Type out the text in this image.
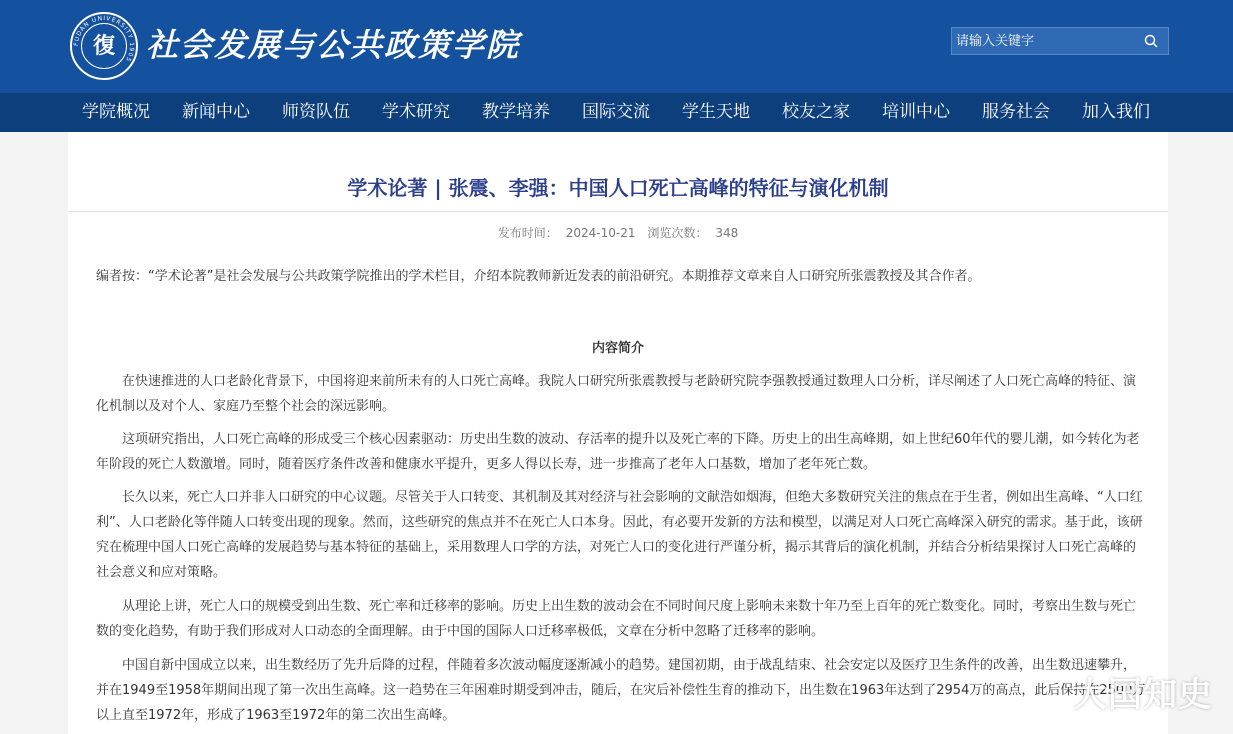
FUDAN UNIVERSITY 1905
復 社会发展与公共政策学院
请输入关键字
学院概况 新闻中心 师资队伍 学术研究 教学培养 国际交流 学生天地 校友之家 培训中心 服务社会 加入我们
学术论著 | 张震、李强：中国人口死亡高峰的特征与演化机制
发布时间： 2024-10-21 浏览次数： 348
编者按：“学术论著”是社会发展与公共政策学院推出的学术栏目，介绍本院教师新近发表的前沿研究。本期推荐文章来自人口研究所张震教授及其合作者。
内容简介
在快速推进的人口老龄化背景下，中国将迎来前所未有的人口死亡高峰。我院人口研究所张震教授与老龄研究院李强教授通过数理人口分析，详尽阐述了人口死亡高峰的特征、演化机制以及对个人、家庭乃至整个社会的深远影响。
这项研究指出，人口死亡高峰的形成受三个核心因素驱动：历史出生数的波动、存活率的提升以及死亡率的下降。历史上的出生高峰期，如上世纪60年代的婴儿潮，如今转化为老年阶段的死亡人数激增。同时，随着医疗条件改善和健康水平提升，更多人得以长寿，进一步推高了老年人口基数，增加了老年死亡数。
长久以来，死亡人口并非人口研究的中心议题。尽管关于人口转变、其机制及其对经济与社会影响的文献浩如烟海，但绝大多数研究关注的焦点在于生者，例如出生高峰、“人口红利”、人口老龄化等伴随人口转变出现的现象。然而，这些研究的焦点并不在死亡人口本身。因此，有必要开发新的方法和模型，以满足对人口死亡高峰深入研究的需求。基于此，该研究在梳理中国人口死亡高峰的发展趋势与基本特征的基础上，采用数理人口学的方法，对死亡人口的变化进行严谨分析，揭示其背后的演化机制，并结合分析结果探讨人口死亡高峰的社会意义和应对策略。
从理论上讲，死亡人口的规模受到出生数、死亡率和迁移率的影响。历史上出生数的波动会在不同时间尺度上影响未来数十年乃至上百年的死亡数变化。同时，考察出生数与死亡数的变化趋势，有助于我们形成对人口动态的全面理解。由于中国的国际人口迁移率极低，文章在分析中忽略了迁移率的影响。
中国自新中国成立以来，出生数经历了先升后降的过程，伴随着多次波动幅度逐渐减小的趋势。建国初期，由于战乱结束、社会安定以及医疗卫生条件的改善，出生数迅速攀升，并在1949至1958年期间出现了第一次出生高峰。这一趋势在三年困难时期受到冲击，随后，在灾后补偿性生育的推动下，出生数在1963年达到了2954万的高点，此后保持在2500万以上直至1972年，形成了1963至1972年的第二次出生高峰。
大国知史
